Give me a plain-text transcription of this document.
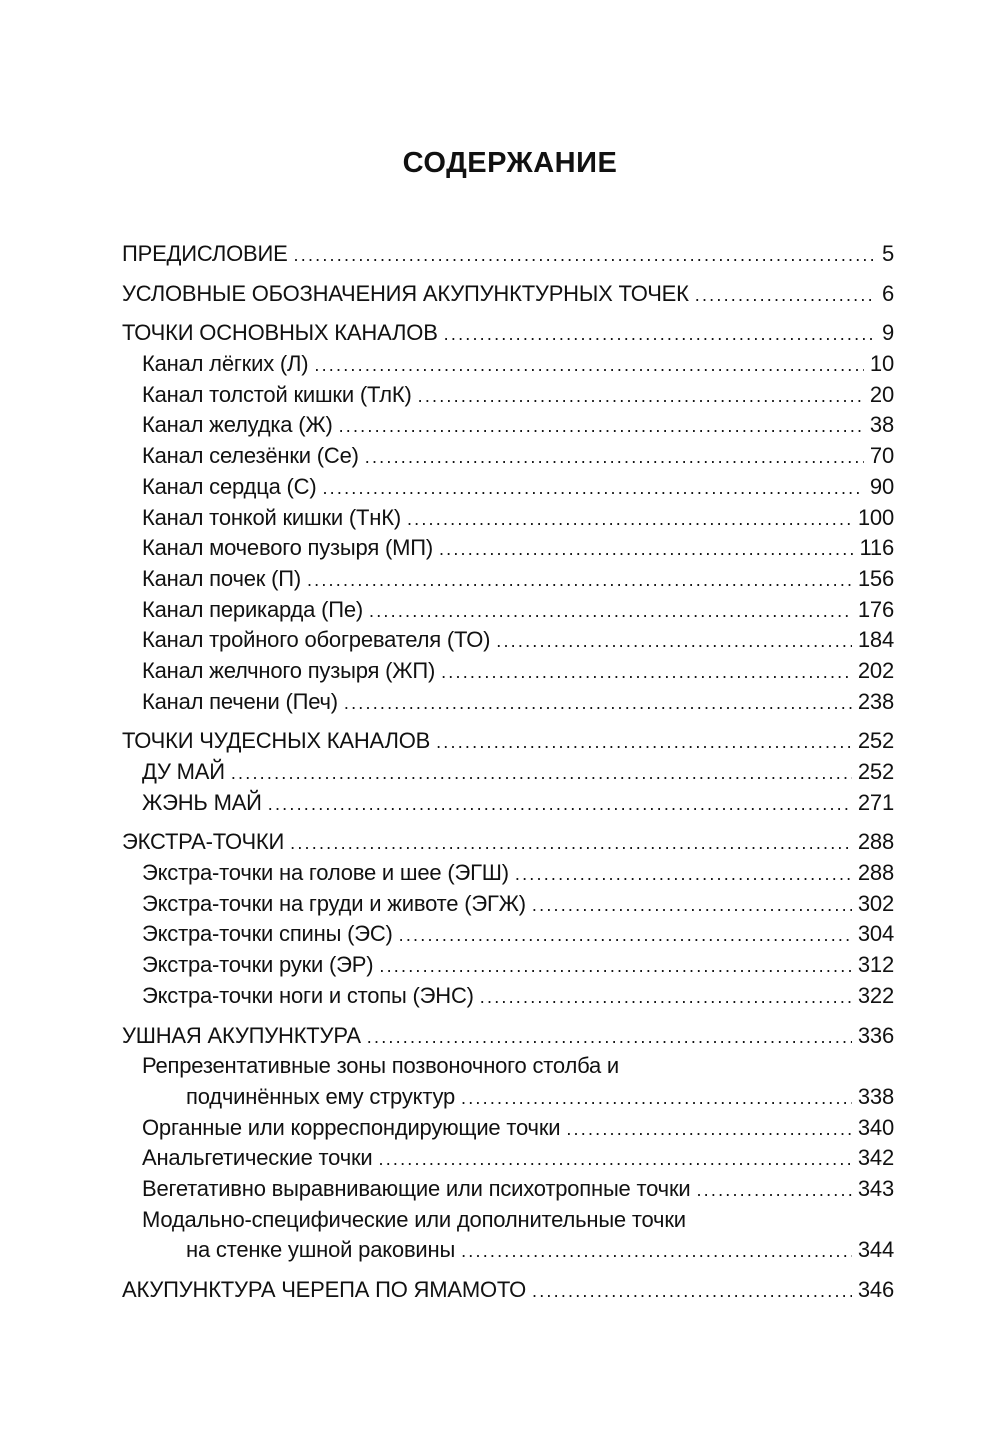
СОДЕРЖАНИЕ
ПРЕДИСЛОВИЕ .....	5
УСЛОВНЫЕ ОБОЗНАЧЕНИЯ АКУПУНКТУРНЫХ ТОЧЕК .....	6
ТОЧКИ ОСНОВНЫХ КАНАЛОВ .....	9
Канал лёгких (Л) .....	10
Канал толстой кишки (ТлК) .....	20
Канал желудка (Ж) .....	38
Канал селезёнки (Се) .....	70
Канал сердца (С) .....	90
Канал тонкой кишки (ТнК) .....	100
Канал мочевого пузыря (МП) .....	116
Канал почек (П) .....	156
Канал перикарда (Пе) .....	176
Канал тройного обогревателя (ТО) .....	184
Канал желчного пузыря (ЖП) .....	202
Канал печени (Печ) .....	238
ТОЧКИ ЧУДЕСНЫХ КАНАЛОВ .....	252
ДУ МАЙ .....	252
ЖЭНЬ МАЙ .....	271
ЭКСТРА-ТОЧКИ .....	288
Экстра-точки на голове и шее (ЭГШ) .....	288
Экстра-точки на груди и животе (ЭГЖ) .....	302
Экстра-точки спины (ЭС) .....	304
Экстра-точки руки (ЭР) .....	312
Экстра-точки ноги и стопы (ЭНС) .....	322
УШНАЯ АКУПУНКТУРА .....	336
Репрезентативные зоны позвоночного столба и
подчинённых ему структур .....	338
Органные или корреспондирующие точки .....	340
Анальгетические точки .....	342
Вегетативно выравнивающие или психотропные точки .....	343
Модально-специфические или дополнительные точки
на стенке ушной раковины .....	344
АКУПУНКТУРА ЧЕРЕПА ПО ЯМАМОТО .....	346
